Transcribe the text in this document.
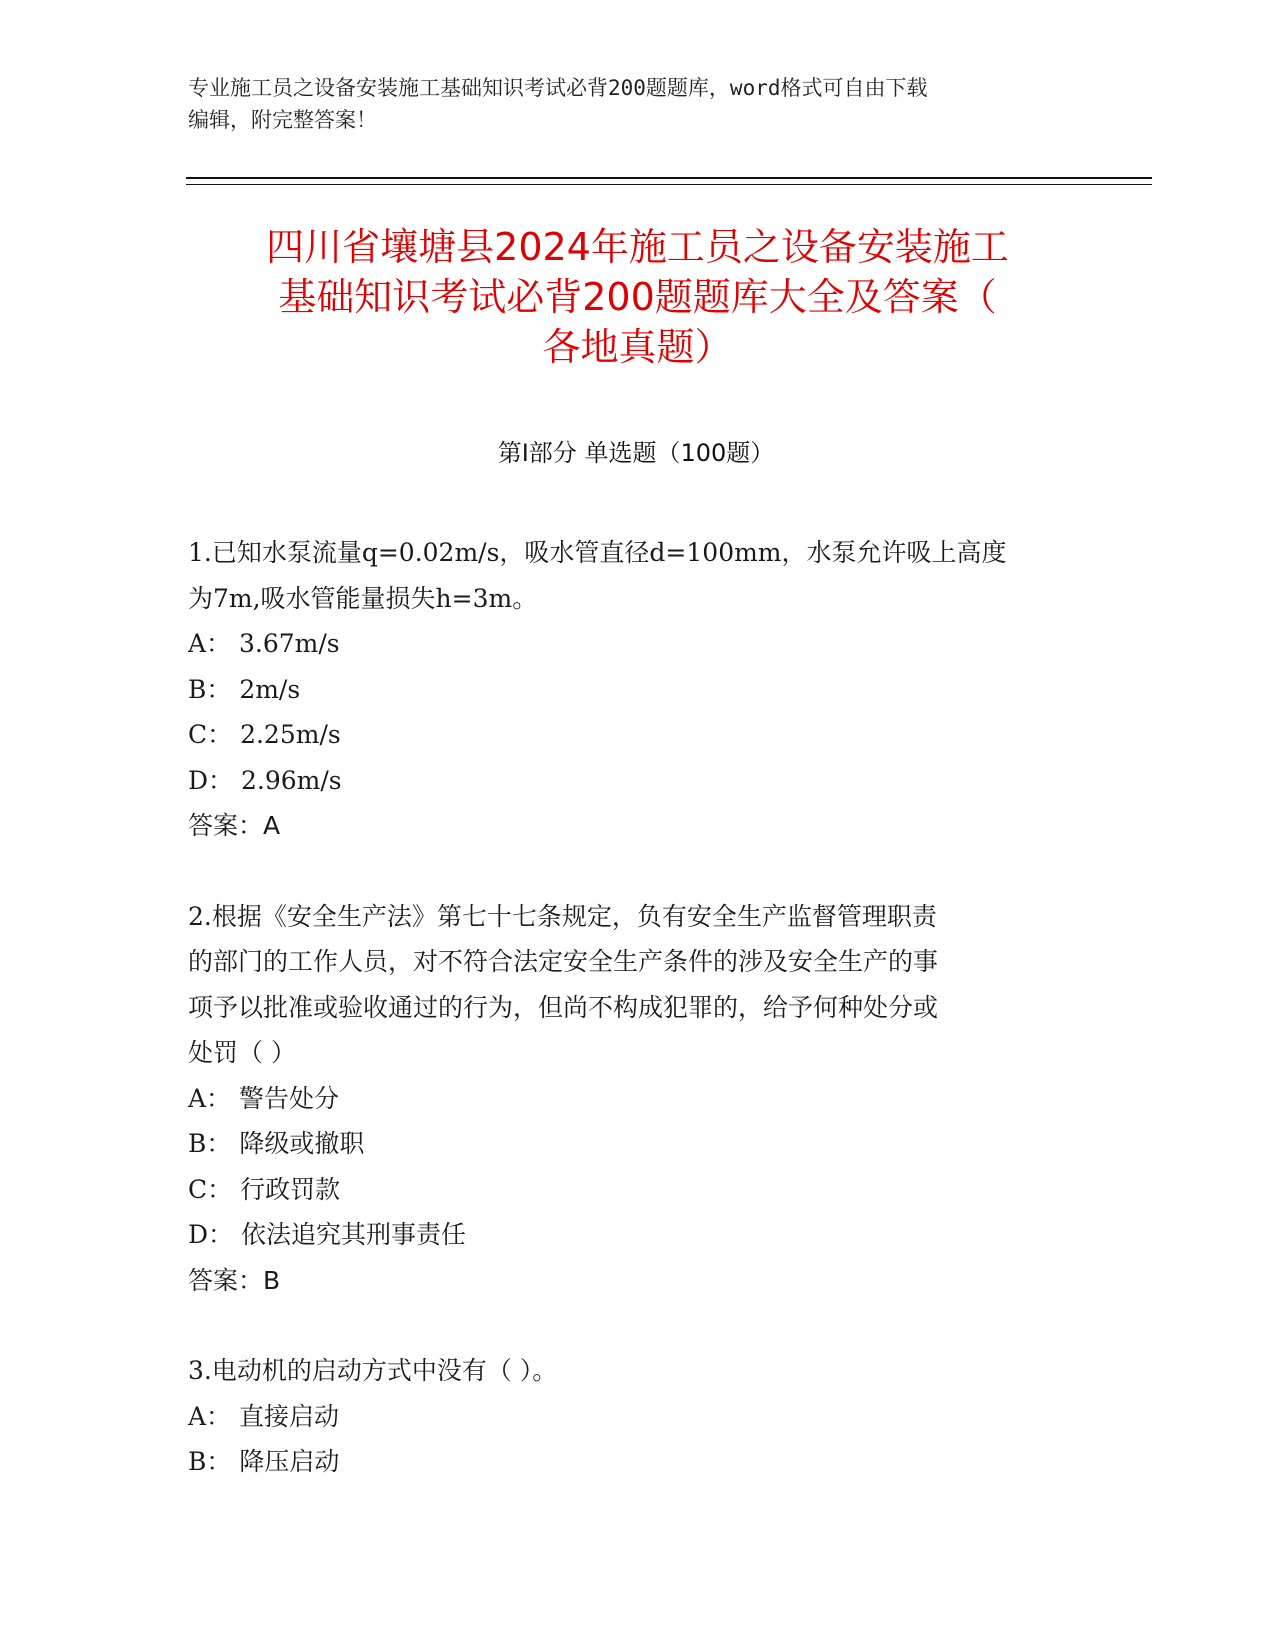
专业施工员之设备安装施工基础知识考试必背200题题库，word格式可自由下载
编辑，附完整答案！
四川省壤塘县2024年施工员之设备安装施工
基础知识考试必背200题题库大全及答案（
各地真题）
第Ⅰ部分 单选题（100题）

1.已知水泵流量q=0.02m/s，吸水管直径d=100mm，水泵允许吸上高度

为7m,吸水管能量损失h=3m。

A： 3.67m/s

B： 2m/s

C： 2.25m/s

D： 2.96m/s

答案：A

2.根据《安全生产法》第七十七条规定，负有安全生产监督管理职责

的部门的工作人员，对不符合法定安全生产条件的涉及安全生产的事

项予以批准或验收通过的行为，但尚不构成犯罪的，给予何种处分或

处罚（ ）

A： 警告处分

B： 降级或撤职

C： 行政罚款

D： 依法追究其刑事责任

答案：B

3.电动机的启动方式中没有（ ）。

A： 直接启动

B： 降压启动
